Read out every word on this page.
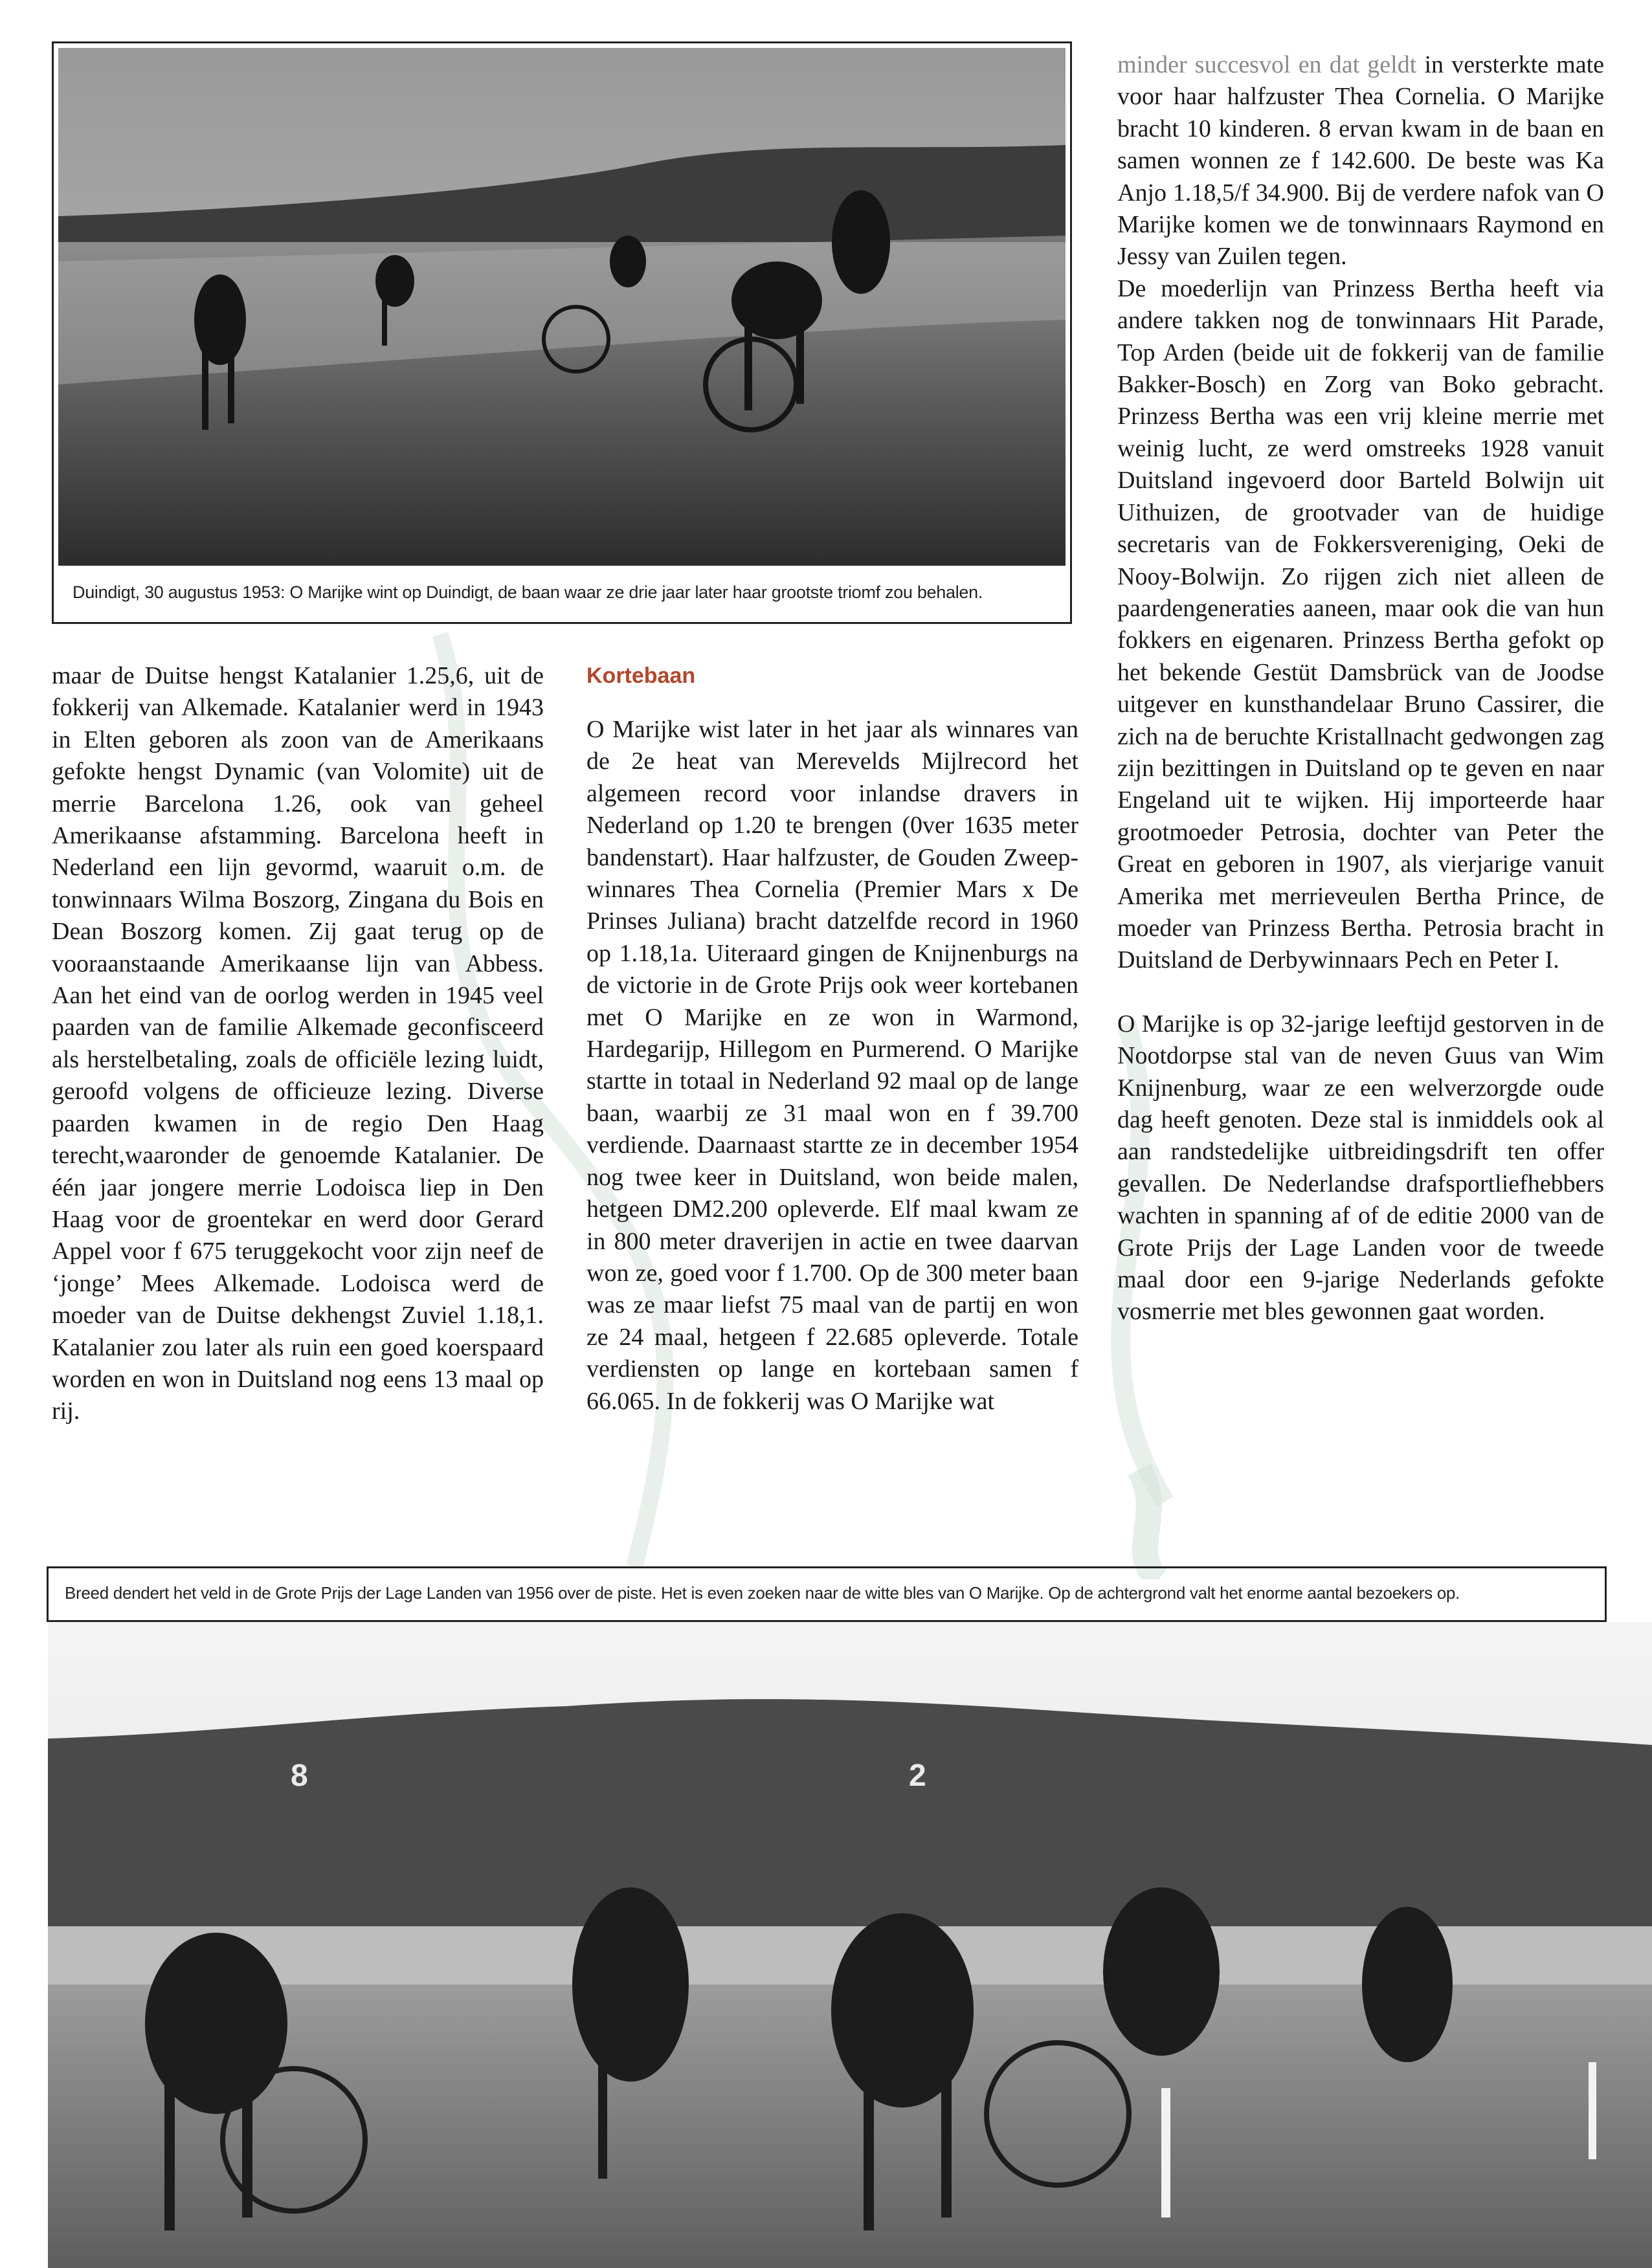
Duindigt, 30 augustus 1953: O Marijke wint op Duindigt, de baan waar ze drie jaar later haar grootste triomf zou behalen.

maar de Duitse hengst Katalanier 1.25,6, uit de fokkerij van Alkemade. Katalanier werd in 1943 in Elten geboren als zoon van de Amerikaans gefokte hengst Dynamic (van Volomite) uit de merrie Barcelona 1.26, ook van geheel Amerikaanse afstamming. Barcelona heeft in Nederland een lijn gevormd, waaruit o.m. de tonwinnaars Wilma Boszorg, Zingana du Bois en Dean Boszorg komen. Zij gaat terug op de vooraanstaande Amerikaanse lijn van Abbess. Aan het eind van de oorlog werden in 1945 veel paarden van de familie Alkemade geconfisceerd als herstelbetaling, zoals de officiële lezing luidt, geroofd volgens de officieuze lezing. Diverse paarden kwamen in de regio Den Haag terecht,waaronder de genoemde Katalanier. De één jaar jongere merrie Lodoisca liep in Den Haag voor de groentekar en werd door Gerard Appel voor f 675 teruggekocht voor zijn neef de ‘jonge’ Mees Alkemade. Lodoisca werd de moeder van de Duitse dekhengst Zuviel 1.18,1. Katalanier zou later als ruin een goed koerspaard worden en won in Duitsland nog eens 13 maal op rij.

Kortebaan

O Marijke wist later in het jaar als winnares van de 2e heat van Merevelds Mijlrecord het algemeen record voor inlandse dravers in Nederland op 1.20 te brengen (0ver 1635 meter bandenstart). Haar halfzuster, de Gouden Zweep-winnares Thea Cornelia (Premier Mars x De Prinses Juliana) bracht datzelfde record in 1960 op 1.18,1a. Uiteraard gingen de Knijnenburgs na de victorie in de Grote Prijs ook weer kortebanen met O Marijke en ze won in Warmond, Hardegarijp, Hillegom en Purmerend. O Marijke startte in totaal in Nederland 92 maal op de lange baan, waarbij ze 31 maal won en f 39.700 verdiende. Daarnaast startte ze in december 1954 nog twee keer in Duitsland, won beide malen, hetgeen DM2.200 opleverde. Elf maal kwam ze in 800 meter draverijen in actie en twee daarvan won ze, goed voor f 1.700. Op de 300 meter baan was ze maar liefst 75 maal van de partij en won ze 24 maal, hetgeen f 22.685 opleverde. Totale verdiensten op lange en kortebaan samen f 66.065. In de fokkerij was O Marijke wat

minder succesvol en dat geldt in versterkte mate voor haar halfzuster Thea Cornelia. O Marijke bracht 10 kinderen. 8 ervan kwam in de baan en samen wonnen ze f 142.600. De beste was Ka Anjo 1.18,5/f 34.900. Bij de verdere nafok van O Marijke komen we de tonwinnaars Raymond en Jessy van Zuilen tegen.

De moederlijn van Prinzess Bertha heeft via andere takken nog de tonwinnaars Hit Parade, Top Arden (beide uit de fokkerij van de familie Bakker-Bosch) en Zorg van Boko gebracht. Prinzess Bertha was een vrij kleine merrie met weinig lucht, ze werd omstreeks 1928 vanuit Duitsland ingevoerd door Barteld Bolwijn uit Uithuizen, de grootvader van de huidige secretaris van de Fokkersvereniging, Oeki de Nooy-Bolwijn. Zo rijgen zich niet alleen de paardengeneraties aaneen, maar ook die van hun fokkers en eigenaren. Prinzess Bertha gefokt op het bekende Gestüt Damsbrück van de Joodse uitgever en kunsthandelaar Bruno Cassirer, die zich na de beruchte Kristallnacht gedwongen zag zijn bezittingen in Duitsland op te geven en naar Engeland uit te wijken. Hij importeerde haar grootmoeder Petrosia, dochter van Peter the Great en geboren in 1907, als vierjarige vanuit Amerika met merrieveulen Bertha Prince, de moeder van Prinzess Bertha. Petrosia bracht in Duitsland de Derbywinnaars Pech en Peter I.

O Marijke is op 32-jarige leeftijd gestorven in de Nootdorpse stal van de neven Guus van Wim Knijnenburg, waar ze een welverzorgde oude dag heeft genoten. Deze stal is inmiddels ook al aan randstedelijke uitbreidingsdrift ten offer gevallen. De Nederlandse drafsportliefhebbers wachten in spanning af of de editie 2000 van de Grote Prijs der Lage Landen voor de tweede maal door een 9-jarige Nederlands gefokte vosmerrie met bles gewonnen gaat worden.

Breed dendert het veld in de Grote Prijs der Lage Landen van 1956 over de piste. Het is even zoeken naar de witte bles van O Marijke. Op de achtergrond valt het enorme aantal bezoekers op.
8	2
